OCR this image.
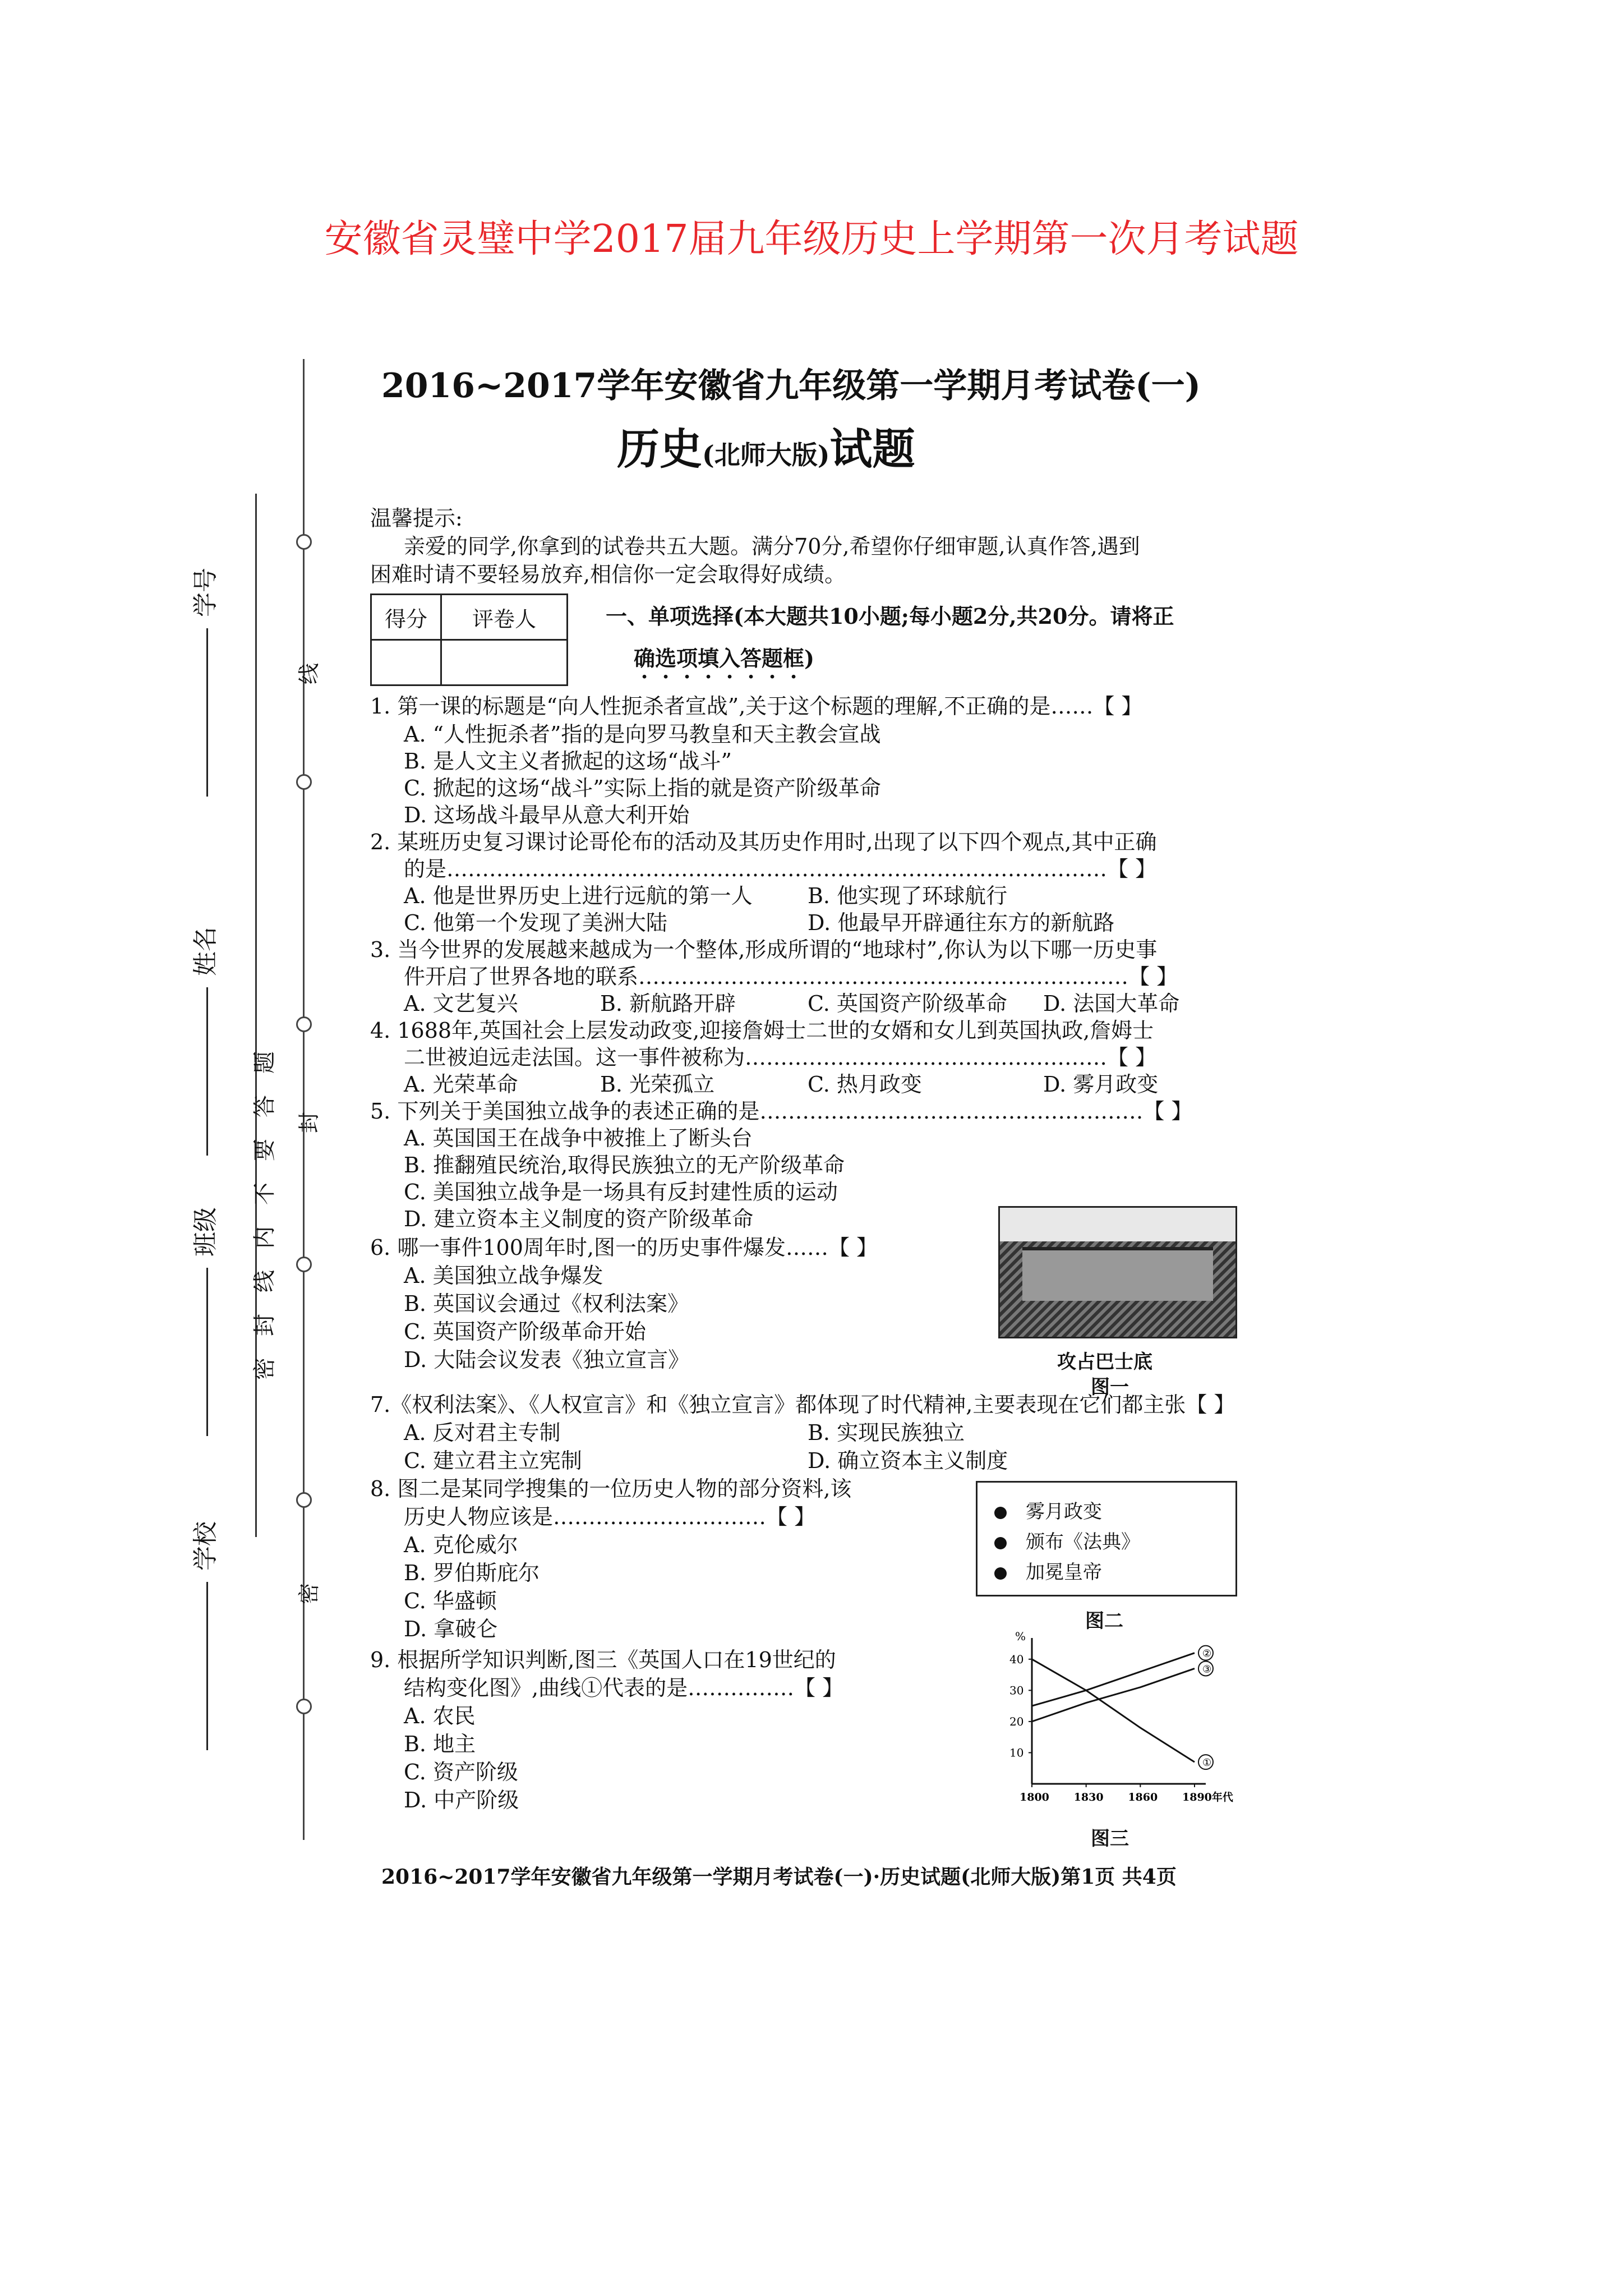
安徽省灵璧中学2017届九年级历史上学期第一次月考试题
学号
姓名
班级
学校
密封线内不要答题
线
封
密
2016~2017学年安徽省九年级第一学期月考试卷(一)
历史(北师大版)试题
温馨提示:
亲爱的同学,你拿到的试卷共五大题。满分70分,希望你仔细审题,认真作答,遇到
困难时请不要轻易放弃,相信你一定会取得好成绩。
得分	评卷人
		一、单项选择(本大题共10小题;每小题2分,共20分。请将正
确选项填入答题框)
1. 第一课的标题是“向人性扼杀者宣战”,关于这个标题的理解,不正确的是……【 】
A. “人性扼杀者”指的是向罗马教皇和天主教会宣战
B. 是人文主义者掀起的这场“战斗”
C. 掀起的这场“战斗”实际上指的就是资产阶级革命
D. 这场战斗最早从意大利开始
2. 某班历史复习课讨论哥伦布的活动及其历史作用时,出现了以下四个观点,其中正确
的是…………………………………………………………………………………【 】
A. 他是世界历史上进行远航的第一人	B. 他实现了环球航行
C. 他第一个发现了美洲大陆	D. 他最早开辟通往东方的新航路
3. 当今世界的发展越来越成为一个整体,形成所谓的“地球村”,你认为以下哪一历史事
件开启了世界各地的联系……………………………………………………………【 】
A. 文艺复兴	B. 新航路开辟	C. 英国资产阶级革命 D. 法国大革命
4. 1688年,英国社会上层发动政变,迎接詹姆士二世的女婿和女儿到英国执政,詹姆士
二世被迫远走法国。这一事件被称为……………………………………………【 】
A. 光荣革命	B. 光荣孤立	C. 热月政变	D. 雾月政变
5. 下列关于美国独立战争的表述正确的是………………………………………………【 】
A. 英国国王在战争中被推上了断头台
B. 推翻殖民统治,取得民族独立的无产阶级革命
C. 美国独立战争是一场具有反封建性质的运动
D. 建立资本主义制度的资产阶级革命
6. 哪一事件100周年时,图一的历史事件爆发……【 】
A. 美国独立战争爆发
B. 英国议会通过《权利法案》
C. 英国资产阶级革命开始
D. 大陆会议发表《独立宣言》	攻占巴士底
图一
7.《权利法案》、《人权宣言》和《独立宣言》都体现了时代精神,主要表现在它们都主张【 】
A. 反对君主专制	B. 实现民族独立
C. 建立君主立宪制	D. 确立资本主义制度
8. 图二是某同学搜集的一位历史人物的部分资料,该
历史人物应该是…………………………【 】
A. 克伦威尔
B. 罗伯斯庇尔
C. 华盛顿
D. 拿破仑
雾月政变
颁布《法典》
加冕皇帝
图二
9. 根据所学知识判断,图三《英国人口在19世纪的
结构变化图》,曲线①代表的是……………【 】
A. 农民
B. 地主
C. 资产阶级
D. 中产阶级
%
10
20
30
40
1800 1830 1860 1890年代
①
②
③
图三
2016~2017学年安徽省九年级第一学期月考试卷(一)·历史试题(北师大版)第1页 共4页
